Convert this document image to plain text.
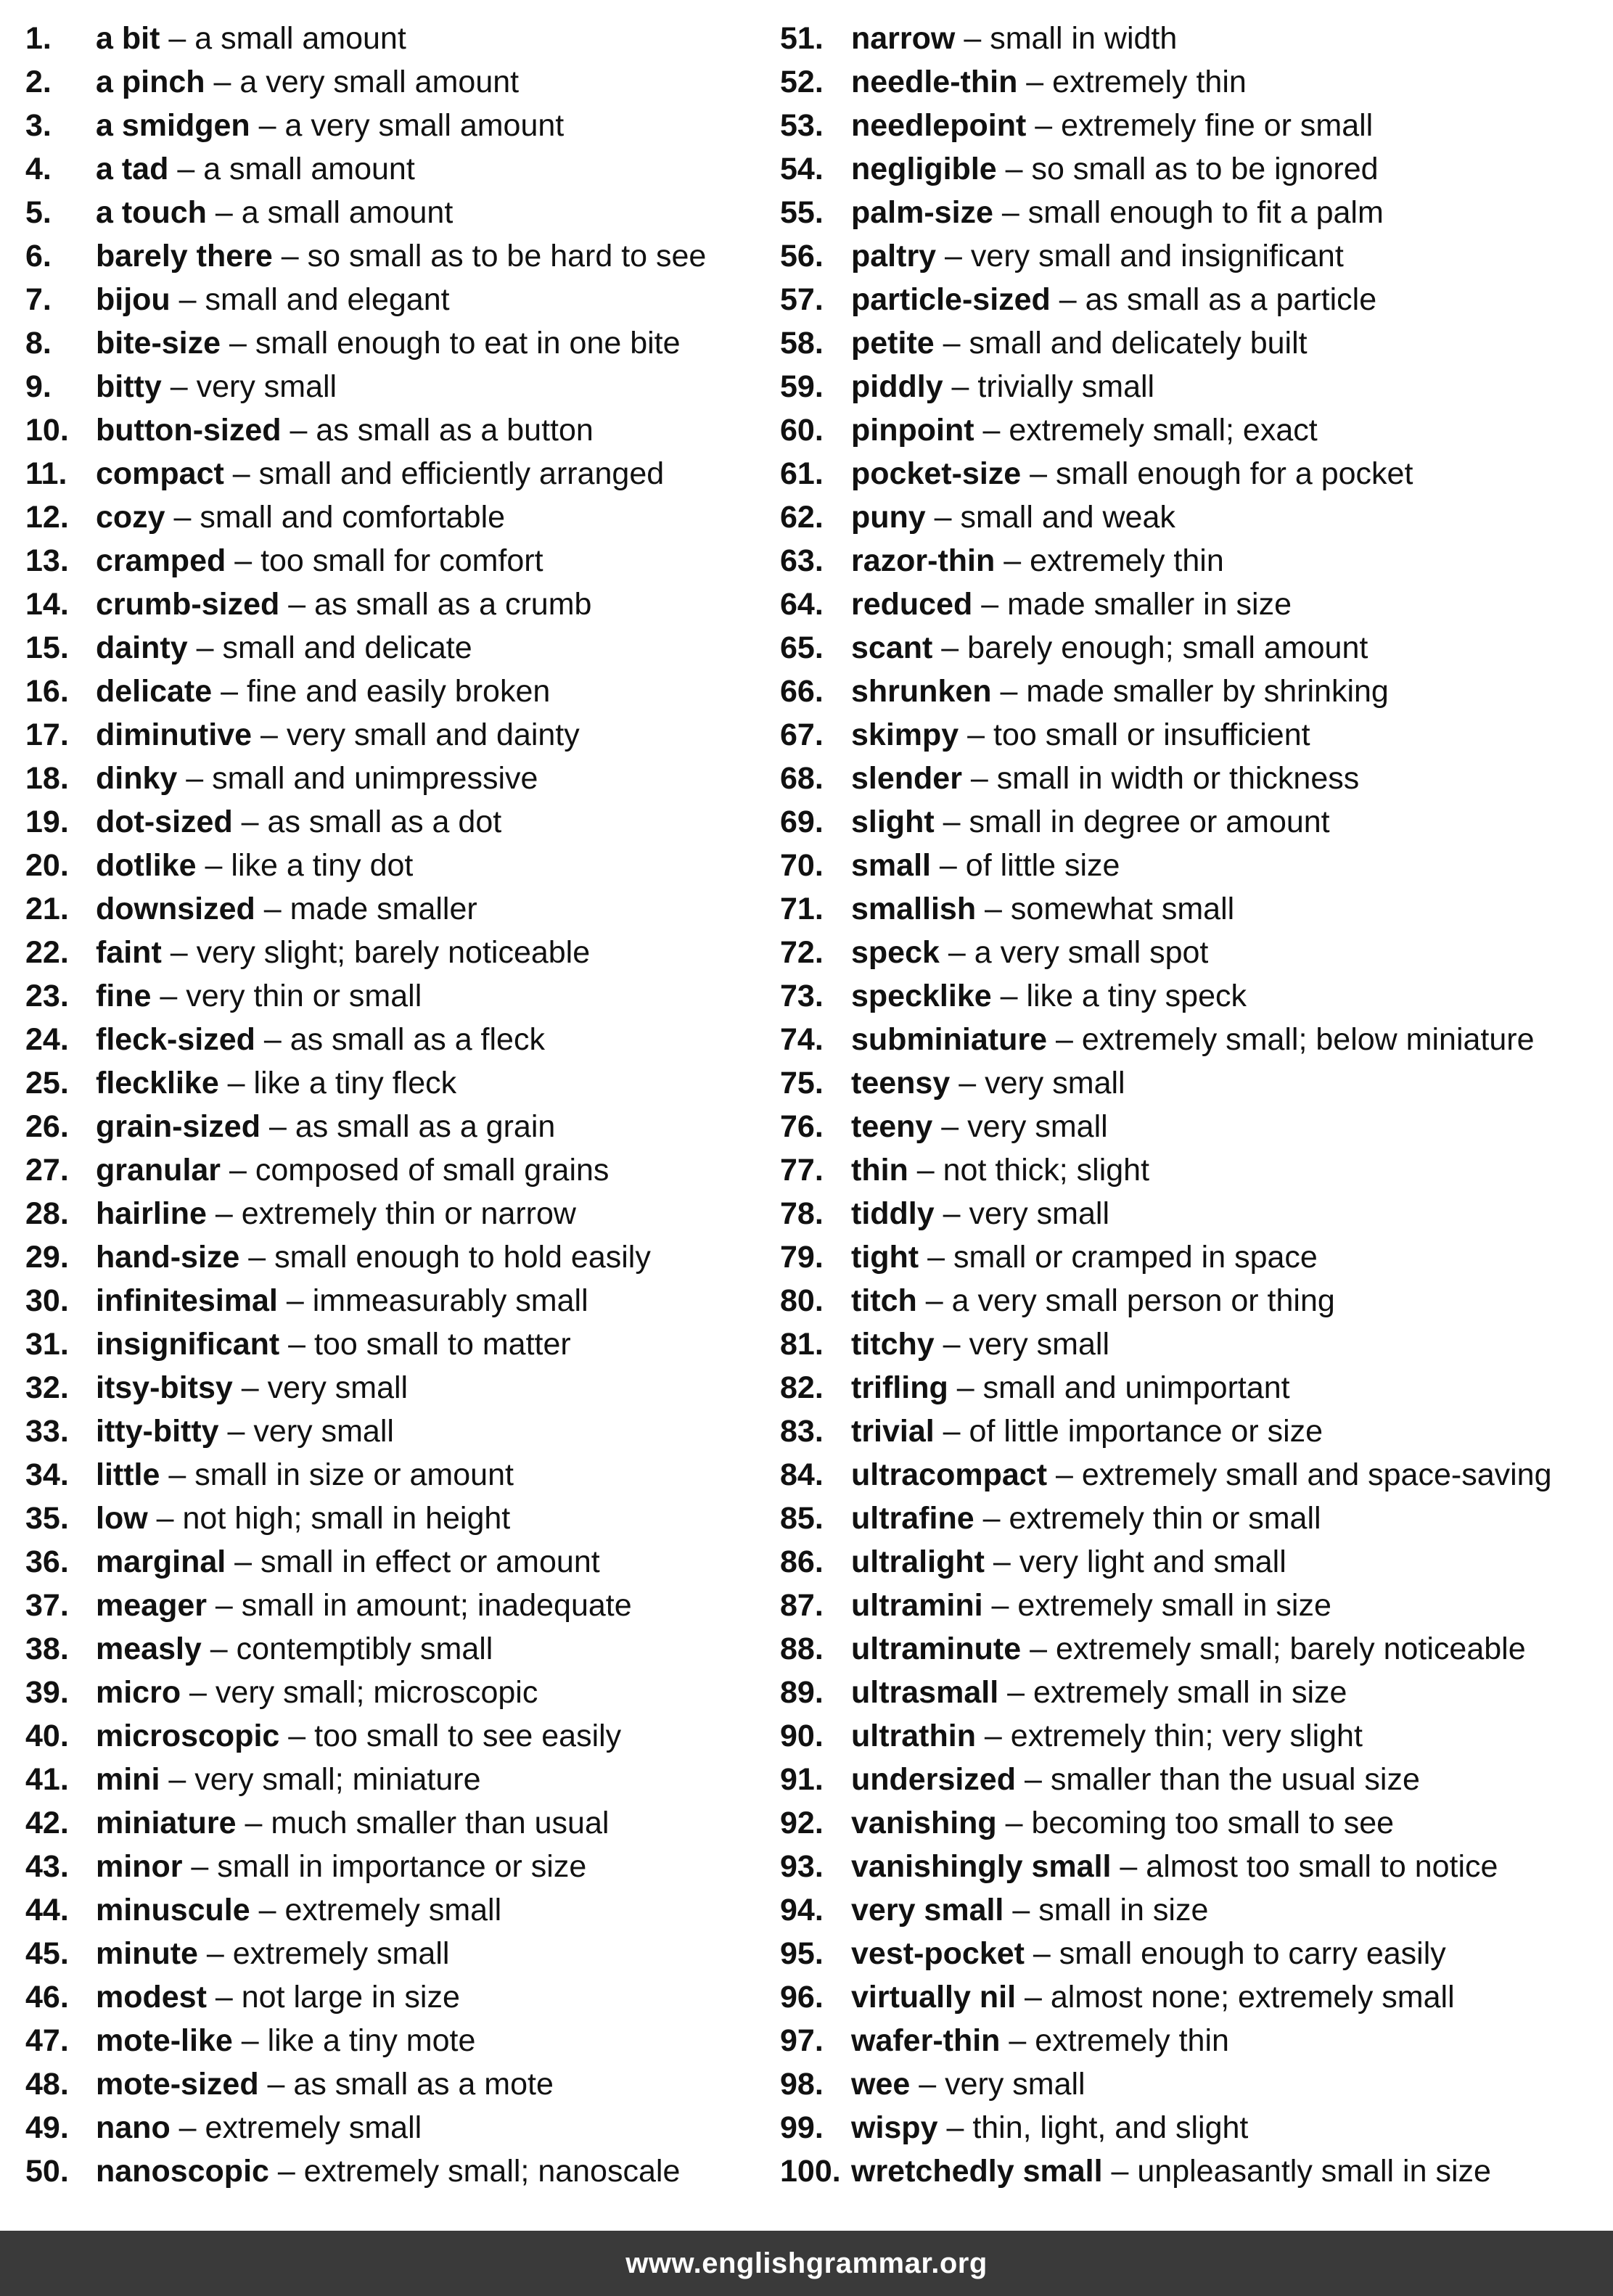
1. a bit – a small amount
2. a pinch – a very small amount
3. a smidgen – a very small amount
4. a tad – a small amount
5. a touch – a small amount
6. barely there – so small as to be hard to see
7. bijou – small and elegant
8. bite-size – small enough to eat in one bite
9. bitty – very small
10. button-sized – as small as a button
11. compact – small and efficiently arranged
12. cozy – small and comfortable
13. cramped – too small for comfort
14. crumb-sized – as small as a crumb
15. dainty – small and delicate
16. delicate – fine and easily broken
17. diminutive – very small and dainty
18. dinky – small and unimpressive
19. dot-sized – as small as a dot
20. dotlike – like a tiny dot
21. downsized – made smaller
22. faint – very slight; barely noticeable
23. fine – very thin or small
24. fleck-sized – as small as a fleck
25. flecklike – like a tiny fleck
26. grain-sized – as small as a grain
27. granular – composed of small grains
28. hairline – extremely thin or narrow
29. hand-size – small enough to hold easily
30. infinitesimal – immeasurably small
31. insignificant – too small to matter
32. itsy-bitsy – very small
33. itty-bitty – very small
34. little – small in size or amount
35. low – not high; small in height
36. marginal – small in effect or amount
37. meager – small in amount; inadequate
38. measly – contemptibly small
39. micro – very small; microscopic
40. microscopic – too small to see easily
41. mini – very small; miniature
42. miniature – much smaller than usual
43. minor – small in importance or size
44. minuscule – extremely small
45. minute – extremely small
46. modest – not large in size
47. mote-like – like a tiny mote
48. mote-sized – as small as a mote
49. nano – extremely small
50. nanoscopic – extremely small; nanoscale
51. narrow – small in width
52. needle-thin – extremely thin
53. needlepoint – extremely fine or small
54. negligible – so small as to be ignored
55. palm-size – small enough to fit a palm
56. paltry – very small and insignificant
57. particle-sized – as small as a particle
58. petite – small and delicately built
59. piddly – trivially small
60. pinpoint – extremely small; exact
61. pocket-size – small enough for a pocket
62. puny – small and weak
63. razor-thin – extremely thin
64. reduced – made smaller in size
65. scant – barely enough; small amount
66. shrunken – made smaller by shrinking
67. skimpy – too small or insufficient
68. slender – small in width or thickness
69. slight – small in degree or amount
70. small – of little size
71. smallish – somewhat small
72. speck – a very small spot
73. specklike – like a tiny speck
74. subminiature – extremely small; below miniature
75. teensy – very small
76. teeny – very small
77. thin – not thick; slight
78. tiddly – very small
79. tight – small or cramped in space
80. titch – a very small person or thing
81. titchy – very small
82. trifling – small and unimportant
83. trivial – of little importance or size
84. ultracompact – extremely small and space-saving
85. ultrafine – extremely thin or small
86. ultralight – very light and small
87. ultramini – extremely small in size
88. ultraminute – extremely small; barely noticeable
89. ultrasmall – extremely small in size
90. ultrathin – extremely thin; very slight
91. undersized – smaller than the usual size
92. vanishing – becoming too small to see
93. vanishingly small – almost too small to notice
94. very small – small in size
95. vest-pocket – small enough to carry easily
96. virtually nil – almost none; extremely small
97. wafer-thin – extremely thin
98. wee – very small
99. wispy – thin, light, and slight
100. wretchedly small – unpleasantly small in size
www.englishgrammar.org
